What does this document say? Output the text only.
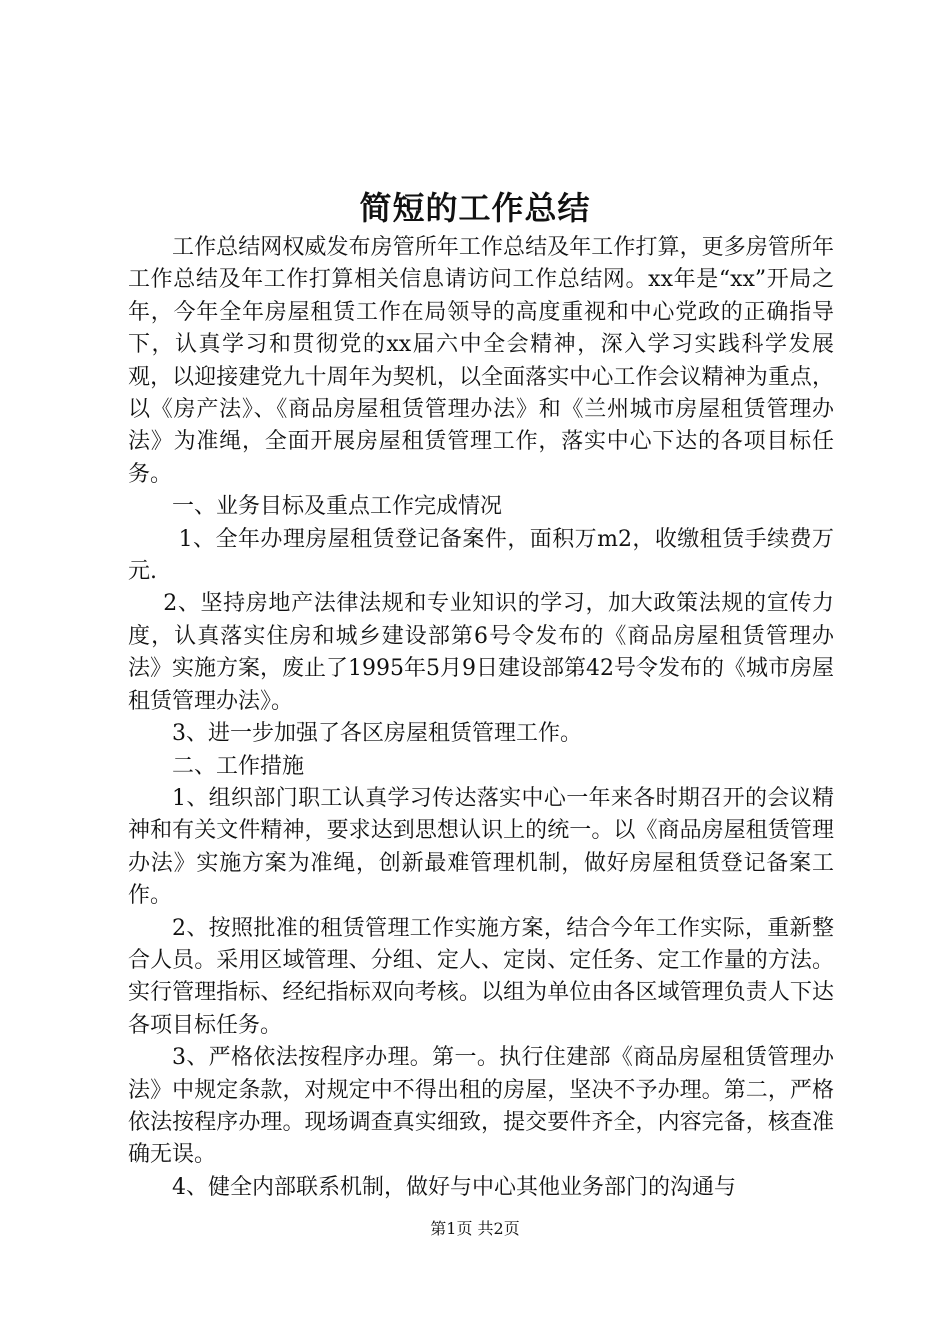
简短的工作总结

工作总结网权威发布房管所年工作总结及年工作打算，更多房管所年工作总结及年工作打算相关信息请访问工作总结网。xx年是“xx”开局之年，今年全年房屋租赁工作在局领导的高度重视和中心党政的正确指导下，认真学习和贯彻党的xx届六中全会精神，深入学习实践科学发展观，以迎接建党九十周年为契机，以全面落实中心工作会议精神为重点，以《房产法》、《商品房屋租赁管理办法》和《兰州城市房屋租赁管理办法》为准绳，全面开展房屋租赁管理工作，落实中心下达的各项目标任务。

一、业务目标及重点工作完成情况

1、全年办理房屋租赁登记备案件，面积万m2，收缴租赁手续费万元.

2、坚持房地产法律法规和专业知识的学习，加大政策法规的宣传力度，认真落实住房和城乡建设部第6号令发布的《商品房屋租赁管理办法》实施方案，废止了1995年5月9日建设部第42号令发布的《城市房屋租赁管理办法》。

3、进一步加强了各区房屋租赁管理工作。

二、工作措施

1、组织部门职工认真学习传达落实中心一年来各时期召开的会议精神和有关文件精神，要求达到思想认识上的统一。以《商品房屋租赁管理办法》实施方案为准绳，创新最难管理机制，做好房屋租赁登记备案工作。

2、按照批准的租赁管理工作实施方案，结合今年工作实际，重新整合人员。采用区域管理、分组、定人、定岗、定任务、定工作量的方法。实行管理指标、经纪指标双向考核。以组为单位由各区域管理负责人下达各项目标任务。

3、严格依法按程序办理。第一。执行住建部《商品房屋租赁管理办法》中规定条款，对规定中不得出租的房屋，坚决不予办理。第二，严格依法按程序办理。现场调查真实细致，提交要件齐全，内容完备，核查准确无误。

4、健全内部联系机制，做好与中心其他业务部门的沟通与

第1页 共2页
